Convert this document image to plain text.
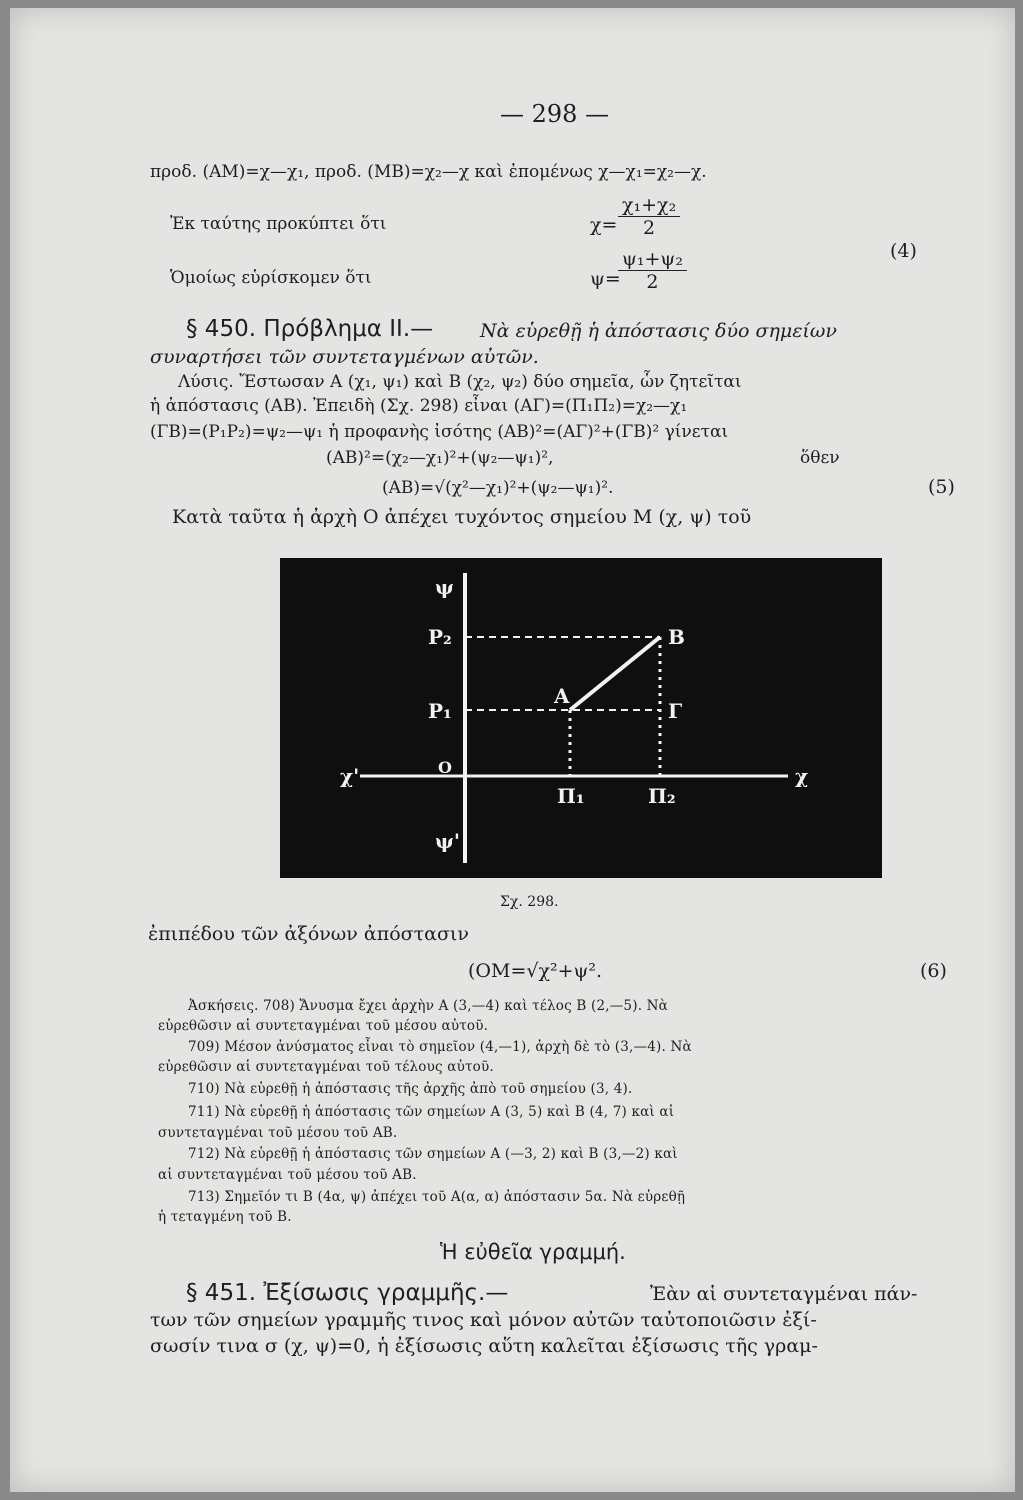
— 298 —
προδ. (ΑΜ)=χ—χ₁, προδ. (ΜΒ)=χ₂—χ καὶ ἐπομένως χ—χ₁=χ₂—χ.
Ἐκ ταύτης προκύπτει ὅτι	$\chi= \frac{\text{χ₁+χ₂}}{2}$
Ὁμοίως εὑρίσκομεν ὅτι	ψ=
$\frac{\text{ψ₁+ψ₂}}{2}$	(4)
§ 450. Πρόβλημα ΙΙ.— Νὰ εὑρεθῇ ἡ ἀπόστασις δύο σημείων
συναρτήσει τῶν συντεταγμένων αὐτῶν.
Λύσις. Ἔστωσαν Α (χ₁, ψ₁) καὶ Β (χ₂, ψ₂) δύο σημεῖα, ὧν ζητεῖται
ἡ ἀπόστασις (ΑΒ). Ἐπειδὴ (Σχ. 298) εἶναι (ΑΓ)=(Π₁Π₂)=χ₂—χ₁
(ΓΒ)=(Ρ₁Ρ₂)=ψ₂—ψ₁ ἡ προφανὴς ἰσότης (ΑΒ)²=(ΑΓ)²+(ΓΒ)² γίνεται
(ΑΒ)²=(χ₂—χ₁)²+(ψ₂—ψ₁)²,	ὅθεν
(ΑΒ)=√(χ²—χ₁)²+(ψ₂—ψ₁)².	(5)
Κατὰ ταῦτα ἡ ἀρχὴ Ο ἀπέχει τυχόντος σημείου Μ (χ, ψ) τοῦ
ψ
ψ'
χ
χ'	Ο
Ρ₂
Ρ₁
Α
Β
Γ
Π₁	Π₂
Σχ. 298.
ἐπιπέδου τῶν ἀξόνων ἀπόστασιν
(ΟΜ=√χ²+ψ².	(6)
Ἀσκήσεις. 708) Ἄνυσμα ἔχει ἀρχὴν Α (3,—4) καὶ τέλος Β (2,—5). Νὰ
εὑρεθῶσιν αἱ συντεταγμέναι τοῦ μέσου αὐτοῦ.
709) Μέσον ἀνύσματος εἶναι τὸ σημεῖον (4,—1), ἀρχὴ δὲ τὸ (3,—4). Νὰ
εὑρεθῶσιν αἱ συντεταγμέναι τοῦ τέλους αὐτοῦ.
710) Νὰ εὑρεθῇ ἡ ἀπόστασις τῆς ἀρχῆς ἀπὸ τοῦ σημείου (3, 4).
711) Νὰ εὑρεθῇ ἡ ἀπόστασις τῶν σημείων Α (3, 5) καὶ Β (4, 7) καὶ αἱ
συντεταγμέναι τοῦ μέσου τοῦ ΑΒ.
712) Νὰ εὑρεθῇ ἡ ἀπόστασις τῶν σημείων Α (—3, 2) καὶ Β (3,—2) καὶ
αἱ συντεταγμέναι τοῦ μέσου τοῦ ΑΒ.
713) Σημεῖόν τι Β (4α, ψ) ἀπέχει τοῦ Α(α, α) ἀπόστασιν 5α. Νὰ εὑρεθῇ
ἡ τεταγμένη τοῦ Β.
Ἡ εὐθεῖα γραμμή.
§ 451. Ἐξίσωσις γραμμῆς.—	Ἐὰν αἱ συντεταγμέναι πάν-
των τῶν σημείων γραμμῆς τινος καὶ μόνον αὐτῶν ταὐτοποιῶσιν ἐξί-
σωσίν τινα σ (χ, ψ)=0, ἡ ἐξίσωσις αὕτη καλεῖται ἐξίσωσις τῆς γραμ-
